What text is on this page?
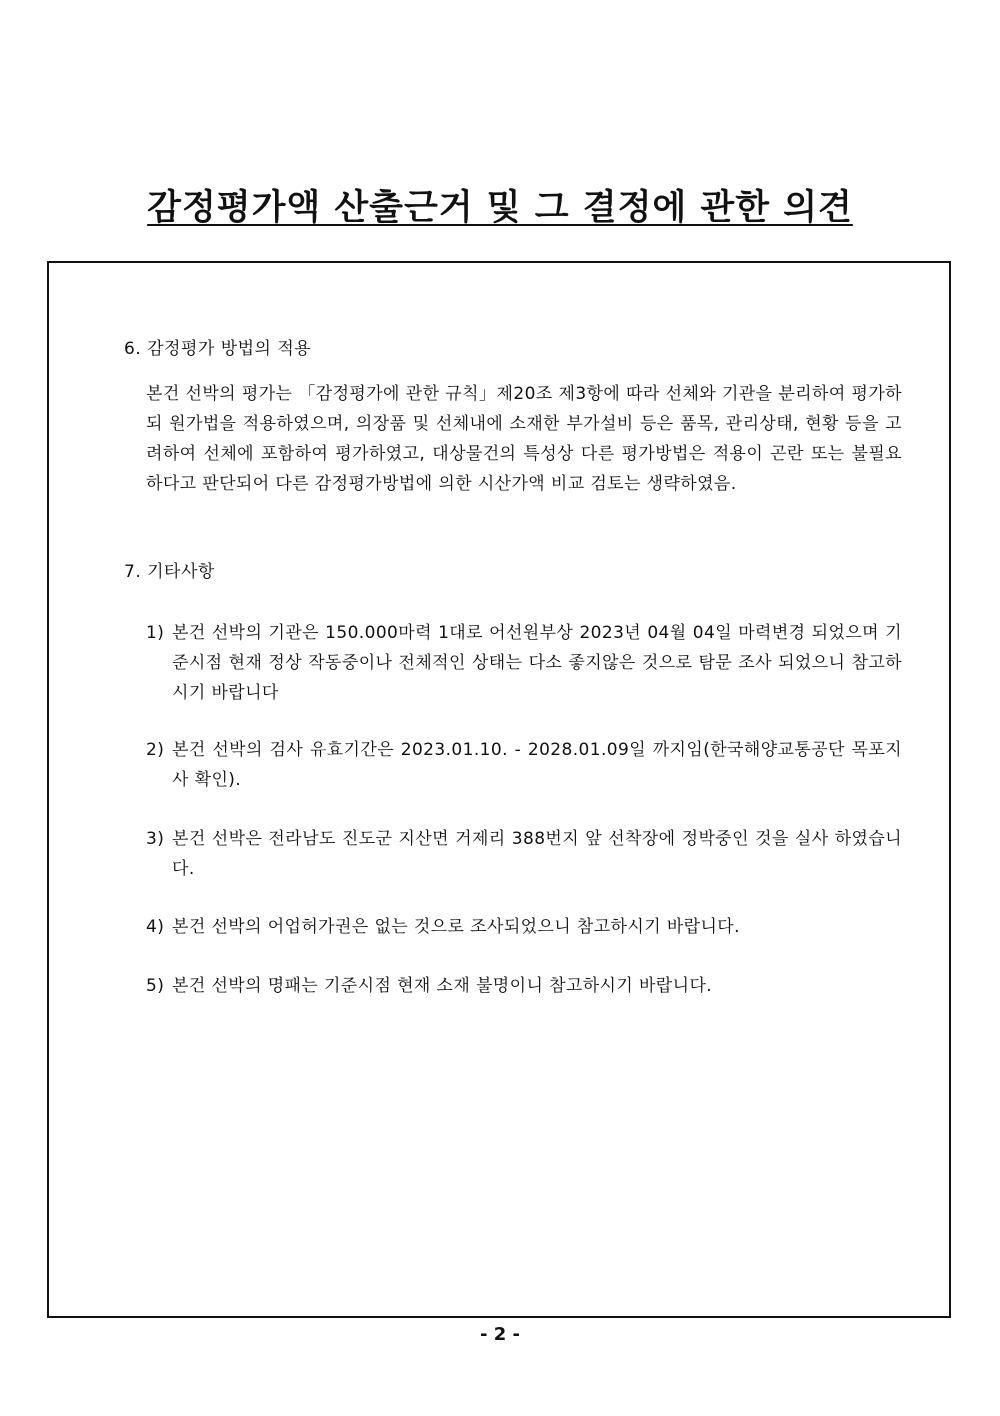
감정평가액 산출근거 및 그 결정에 관한 의견
6. 감정평가 방법의 적용

본건 선박의 평가는 「감정평가에 관한 규칙」제20조 제3항에 따라 선체와 기관을 분리하여 평가하되 원가법을 적용하였으며, 의장품 및 선체내에 소재한 부가설비 등은 품목, 관리상태, 현황 등을 고려하여 선체에 포함하여 평가하였고, 대상물건의 특성상 다른 평가방법은 적용이 곤란 또는 불필요하다고 판단되어 다른 감정평가방법에 의한 시산가액 비교 검토는 생략하였음.

7. 기타사항
1) 본건 선박의 기관은 150.000마력 1대로 어선원부상 2023년 04월 04일 마력변경 되었으며 기준시점 현재 정상 작동중이나 전체적인 상태는 다소 좋지않은 것으로 탐문 조사 되었으니 참고하시기 바랍니다
2) 본건 선박의 검사 유효기간은 2023.01.10. - 2028.01.09일 까지임(한국해양교통공단 목포지사 확인).
3) 본건 선박은 전라남도 진도군 지산면 거제리 388번지 앞 선착장에 정박중인 것을 실사 하였습니다.
4) 본건 선박의 어업허가권은 없는 것으로 조사되었으니 참고하시기 바랍니다.
5) 본건 선박의 명패는 기준시점 현재 소재 불명이니 참고하시기 바랍니다.
- 2 -
